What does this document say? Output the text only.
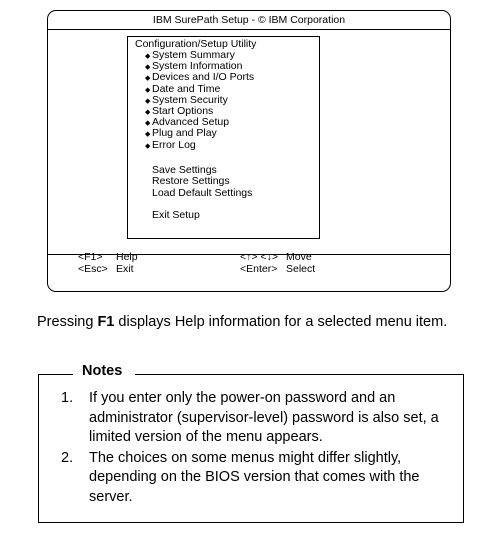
IBM SurePath Setup - © IBM Corporation
Configuration/Setup Utility
◆ System Summary
◆ System Information
◆ Devices and I/O Ports
◆ Date and Time
◆ System Security
◆ Start Options
◆ Advanced Setup
◆ Plug and Play
◆ Error Log
Save Settings
Restore Settings
Load Default Settings
Exit Setup
<F1> Help
<Esc> Exit
<↑> <↓> Move
<Enter> Select

Pressing F1 displays Help information for a selected menu item.

Notes
1. If you enter only the power-on password and an administrator (supervisor-level) password is also set, a limited version of the menu appears.
2. The choices on some menus might differ slightly, depending on the BIOS version that comes with the server.
